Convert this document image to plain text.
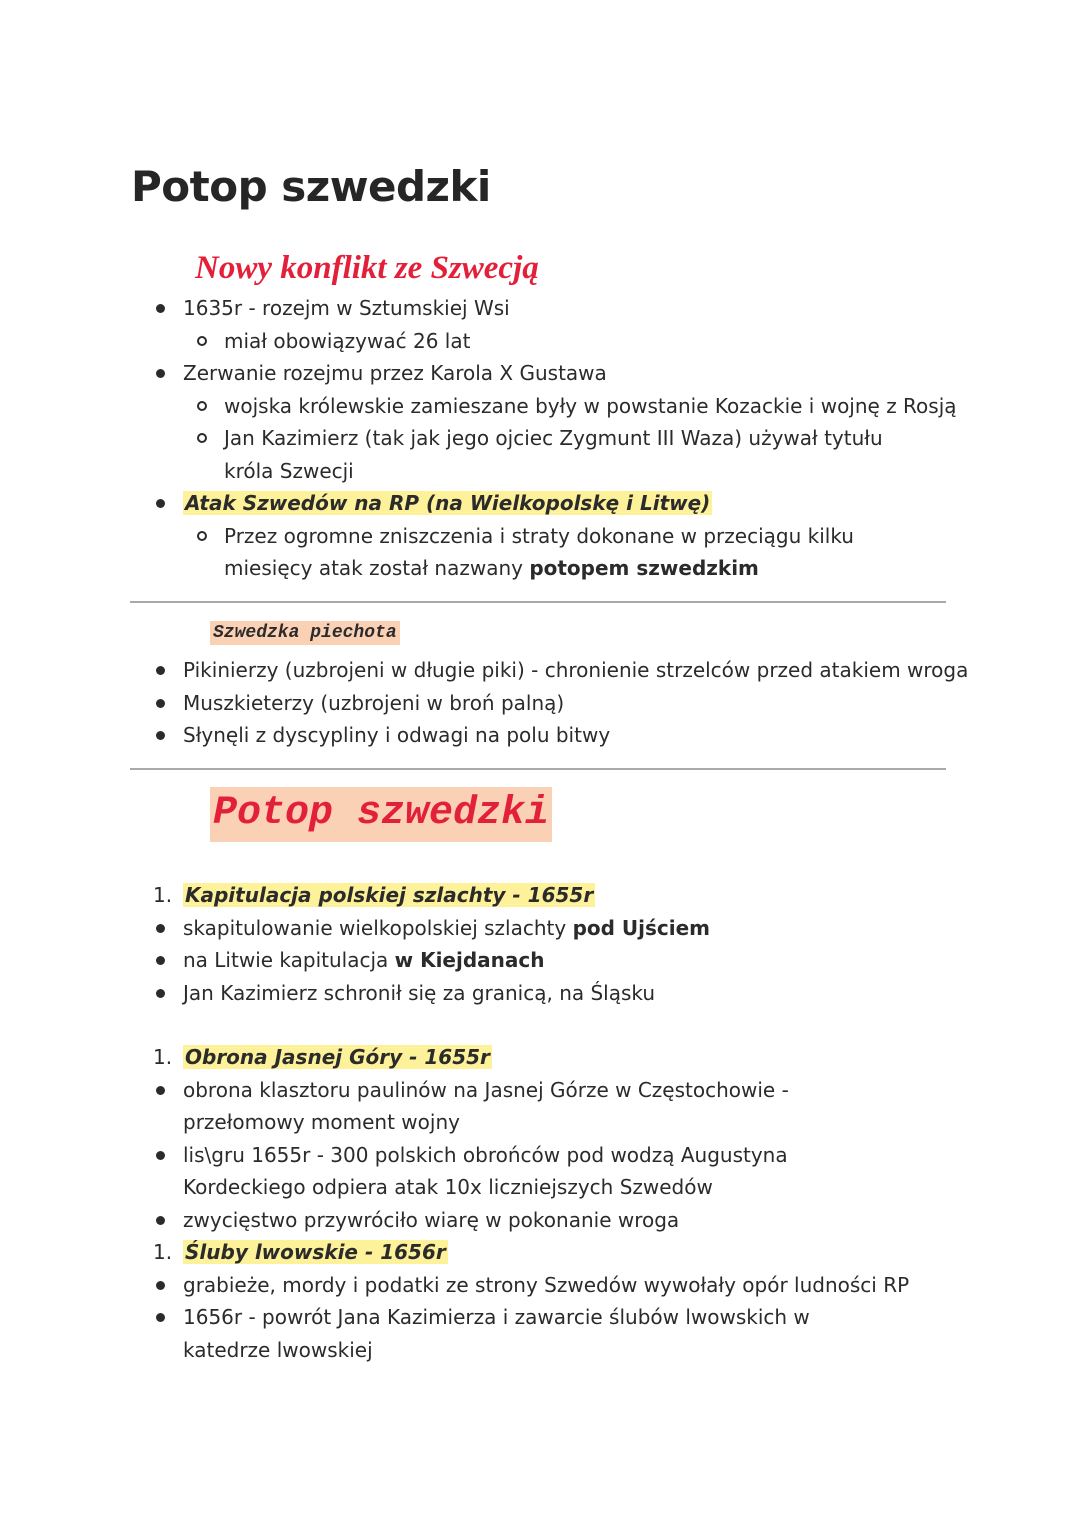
Potop szwedzki
Nowy konflikt ze Szwecją
1635r - rozejm w Sztumskiej Wsi
miał obowiązywać 26 lat
Zerwanie rozejmu przez Karola X Gustawa
wojska królewskie zamieszane były w powstanie Kozackie i wojnę z Rosją
Jan Kazimierz (tak jak jego ojciec Zygmunt III Waza) używał tytułu króla Szwecji
Atak Szwedów na RP (na Wielkopolskę i Litwę)
Przez ogromne zniszczenia i straty dokonane w przeciągu kilku miesięcy atak został nazwany potopem szwedzkim
Szwedzka piechota
Pikinierzy (uzbrojeni w długie piki) - chronienie strzelców przed atakiem wroga
Muszkieterzy (uzbrojeni w broń palną)
Słynęli z dyscypliny i odwagi na polu bitwy
Potop szwedzki
1. Kapitulacja polskiej szlachty - 1655r
skapitulowanie wielkopolskiej szlachty pod Ujściem
na Litwie kapitulacja w Kiejdanach
Jan Kazimierz schronił się za granicą, na Śląsku
1. Obrona Jasnej Góry - 1655r
obrona klasztoru paulinów na Jasnej Górze w Częstochowie - przełomowy moment wojny
lis\gru 1655r - 300 polskich obrońców pod wodzą Augustyna Kordeckiego odpiera atak 10x liczniejszych Szwedów
zwycięstwo przywróciło wiarę w pokonanie wroga
1. Śluby lwowskie - 1656r
grabieże, mordy i podatki ze strony Szwedów wywołały opór ludności RP
1656r - powrót Jana Kazimierza i zawarcie ślubów lwowskich w katedrze lwowskiej
